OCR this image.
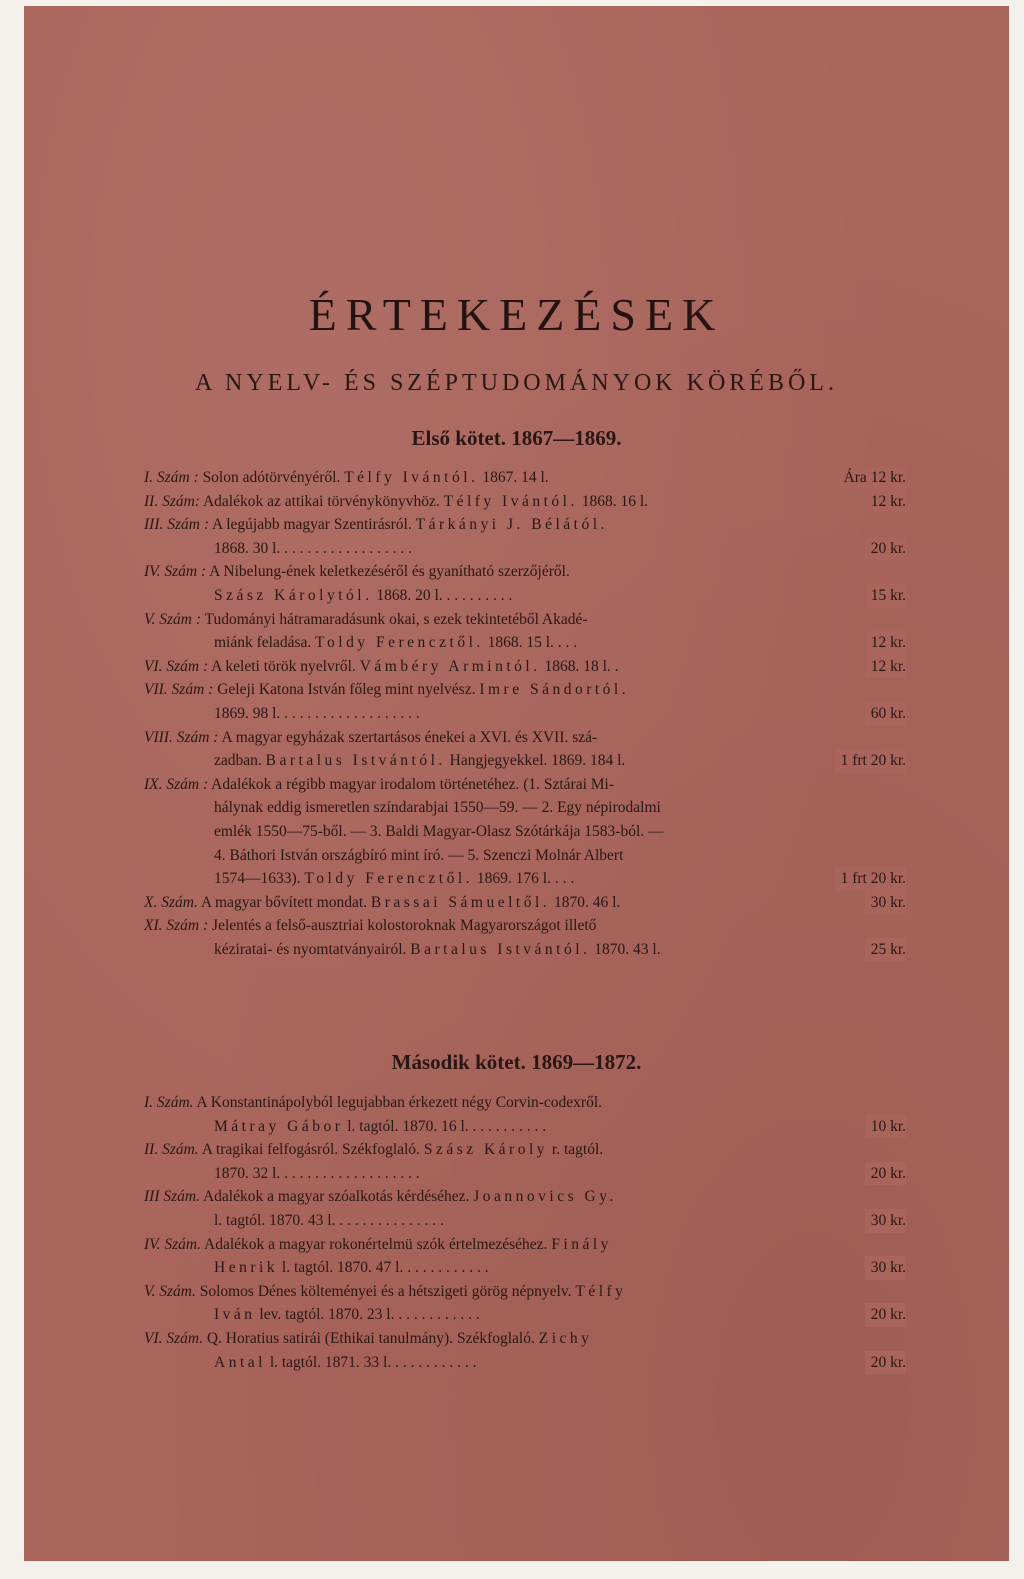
ÉRTEKEZÉSEK
A NYELV- ÉS SZÉPTUDOMÁNYOK KÖRÉBŐL.
Első kötet. 1867—1869.
I. Szám : Solon adótörvényéről. Télfy Ivántól. 1867. 14 l.	Ára 12 kr.
II. Szám: Adalékok az attikai törvénykönyvhöz. Télfy Ivántól. 1868. 16 l.	12 kr.
III. Szám : A legújabb magyar Szentirásról. Tárkányi J. Bélától.
1868. 30 l. . . . . . . . . . . . . . . . . .	20 kr.
IV. Szám : A Nibelung-ének keletkezéséről és gyanítható szerzőjéről.
Szász Károlytól. 1868. 20 l. . . . . . . . . .	15 kr.
V. Szám : Tudományi hátramaradásunk okai, s ezek tekintetéből Akadé-
miánk feladása. Toldy Ferencztől. 1868. 15 l. . . .	12 kr.
VI. Szám : A keleti török nyelvről. Vámbéry Armintól. 1868. 18 l. .	12 kr.
VII. Szám : Geleji Katona István főleg mint nyelvész. Imre Sándortól.
1869. 98 l. . . . . . . . . . . . . . . . . . .	60 kr.
VIII. Szám : A magyar egyházak szertartásos énekei a XVI. és XVII. szá-
zadban. Bartalus Istvántól. Hangjegyekkel. 1869. 184 l.	1 frt 20 kr.
IX. Szám : Adalékok a régibb magyar irodalom történetéhez. (1. Sztárai Mi-
hálynak eddig ismeretlen színdarabjai 1550—59. — 2. Egy népirodalmi
emlék 1550—75-ből. — 3. Baldi Magyar-Olasz Szótárkája 1583-ból. —
4. Báthori István országbíró mint író. — 5. Szenczi Molnár Albert
1574—1633). Toldy Ferencztől. 1869. 176 l. . . .	1 frt 20 kr.
X. Szám. A magyar bővített mondat. Brassai Sámueltől. 1870. 46 l.	30 kr.
XI. Szám : Jelentés a felső-ausztriai kolostoroknak Magyarországot illető
kéziratai- és nyomtatványairól. Bartalus Istvántól. 1870. 43 l.	25 kr.
Második kötet. 1869—1872.
I. Szám. A Konstantinápolyból legujabban érkezett négy Corvin-codexről.
Mátray Gábor l. tagtól. 1870. 16 l. . . . . . . . . . .	10 kr.
II. Szám. A tragikai felfogásról. Székfoglaló. Szász Károly r. tagtól.
1870. 32 l. . . . . . . . . . . . . . . . . . .	20 kr.
III Szám. Adalékok a magyar szóalkotás kérdéséhez. Joannovics Gy.
l. tagtól. 1870. 43 l. . . . . . . . . . . . . . .	30 kr.
IV. Szám. Adalékok a magyar rokonértelmü szók értelmezéséhez. Finály
Henrik l. tagtól. 1870. 47 l. . . . . . . . . . . .	30 kr.
V. Szám. Solomos Dénes költeményei és a hétszigeti görög népnyelv. Télfy
Iván lev. tagtól. 1870. 23 l. . . . . . . . . . . .	20 kr.
VI. Szám. Q. Horatius satirái (Ethikai tanulmány). Székfoglaló. Zichy
Antal l. tagtól. 1871. 33 l. . . . . . . . . . . .	20 kr.
